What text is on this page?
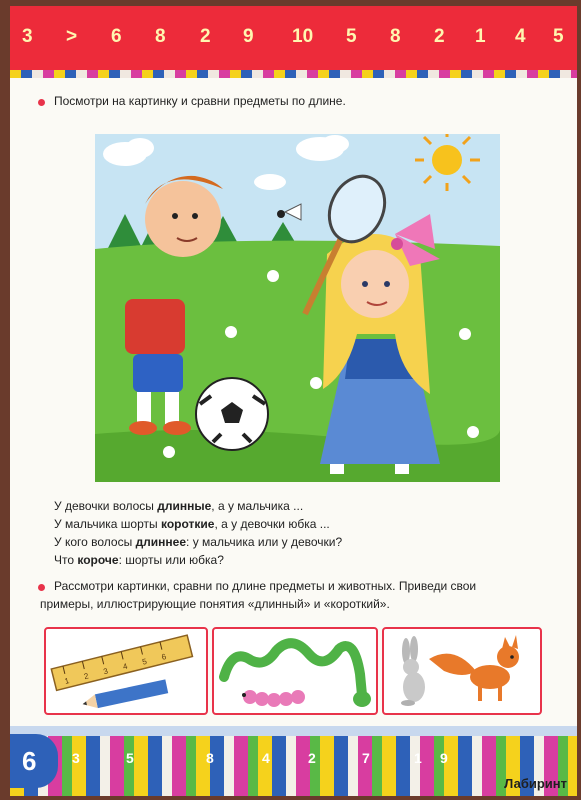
3 > 6 8 2 9 10 5 8 2 1 4 5
Посмотри на картинку и сравни предметы по длине.
У девочки волосы длинные, а у мальчика ...
У мальчика шорты короткие, а у девочки юбка ...
У кого волосы длиннее: у мальчика или у девочки?
Что короче: шорты или юбка?
Рассмотри картинки, сравни по длине предметы и животных. Приведи свои
примеры, иллюстрирующие понятия «длинный» и «короткий».
1 2 3 4 5 6
6	3	5	8	4	2	7	1 9
Лабиринт
